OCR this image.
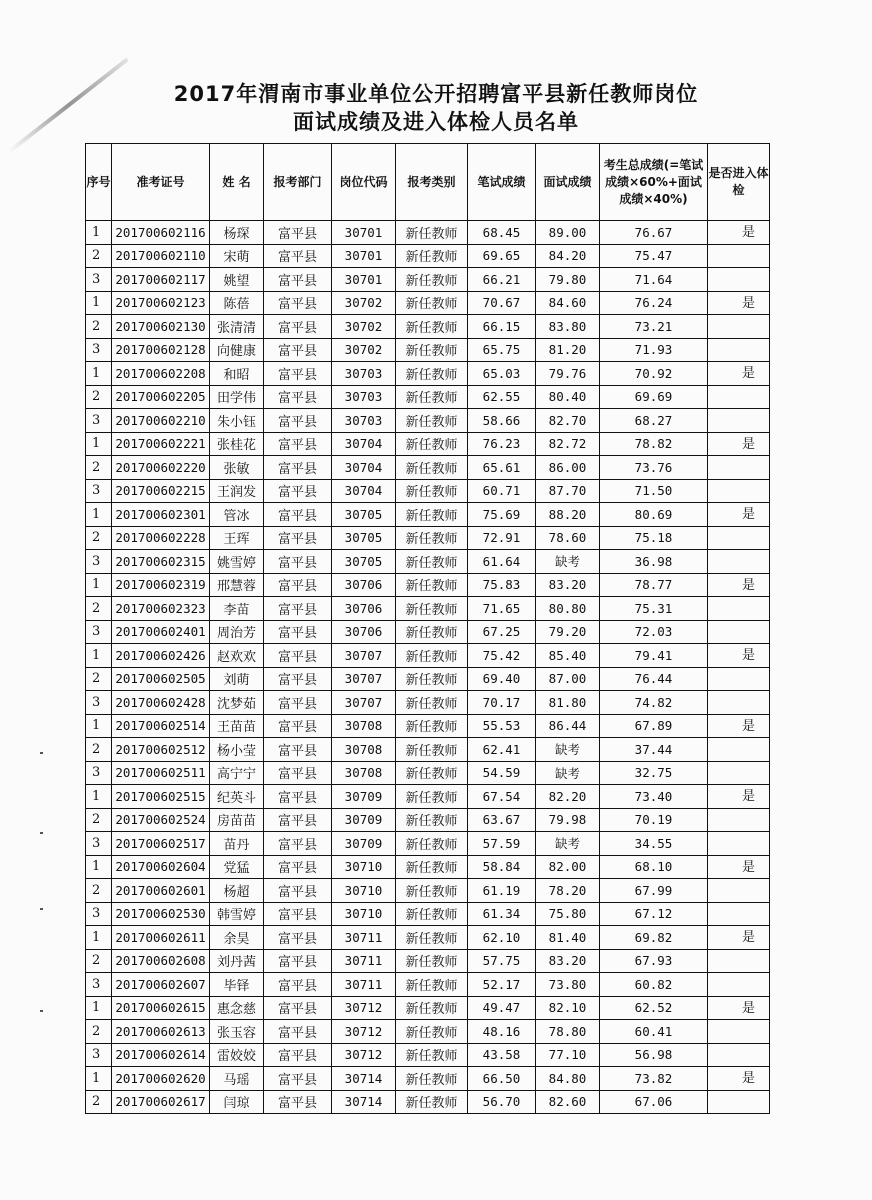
2017年渭南市事业单位公开招聘富平县新任教师岗位
面试成绩及进入体检人员名单
序号	准考证号	姓 名	报考部门	岗位代码	报考类别	笔试成绩	面试成绩	考生总成绩(=笔试成绩×60%+面试成绩×40%)	是否进入体检
1	201700602116	杨琛	富平县	30701	新任教师	68.45	89.00	76.67	是
2	201700602110	宋萌	富平县	30701	新任教师	69.65	84.20	75.47	
3	201700602117	姚望	富平县	30701	新任教师	66.21	79.80	71.64	
1	201700602123	陈蓓	富平县	30702	新任教师	70.67	84.60	76.24	是
2	201700602130	张清清	富平县	30702	新任教师	66.15	83.80	73.21	
3	201700602128	向健康	富平县	30702	新任教师	65.75	81.20	71.93	
1	201700602208	和昭	富平县	30703	新任教师	65.03	79.76	70.92	是
2	201700602205	田学伟	富平县	30703	新任教师	62.55	80.40	69.69	
3	201700602210	朱小钰	富平县	30703	新任教师	58.66	82.70	68.27	
1	201700602221	张桂花	富平县	30704	新任教师	76.23	82.72	78.82	是
2	201700602220	张敏	富平县	30704	新任教师	65.61	86.00	73.76	
3	201700602215	王润发	富平县	30704	新任教师	60.71	87.70	71.50	
1	201700602301	管冰	富平县	30705	新任教师	75.69	88.20	80.69	是
2	201700602228	王珲	富平县	30705	新任教师	72.91	78.60	75.18	
3	201700602315	姚雪婷	富平县	30705	新任教师	61.64	缺考	36.98	
1	201700602319	邢慧蓉	富平县	30706	新任教师	75.83	83.20	78.77	是
2	201700602323	李苗	富平县	30706	新任教师	71.65	80.80	75.31	
3	201700602401	周治芳	富平县	30706	新任教师	67.25	79.20	72.03	
1	201700602426	赵欢欢	富平县	30707	新任教师	75.42	85.40	79.41	是
2	201700602505	刘萌	富平县	30707	新任教师	69.40	87.00	76.44	
3	201700602428	沈梦茹	富平县	30707	新任教师	70.17	81.80	74.82	
1	201700602514	王苗苗	富平县	30708	新任教师	55.53	86.44	67.89	是
2	201700602512	杨小莹	富平县	30708	新任教师	62.41	缺考	37.44	
3	201700602511	高宁宁	富平县	30708	新任教师	54.59	缺考	32.75	
1	201700602515	纪英斗	富平县	30709	新任教师	67.54	82.20	73.40	是
2	201700602524	房苗苗	富平县	30709	新任教师	63.67	79.98	70.19	
3	201700602517	苗丹	富平县	30709	新任教师	57.59	缺考	34.55	
1	201700602604	党猛	富平县	30710	新任教师	58.84	82.00	68.10	是
2	201700602601	杨超	富平县	30710	新任教师	61.19	78.20	67.99	
3	201700602530	韩雪婷	富平县	30710	新任教师	61.34	75.80	67.12	
1	201700602611	余昊	富平县	30711	新任教师	62.10	81.40	69.82	是
2	201700602608	刘丹茜	富平县	30711	新任教师	57.75	83.20	67.93	
3	201700602607	毕铎	富平县	30711	新任教师	52.17	73.80	60.82	
1	201700602615	惠念慈	富平县	30712	新任教师	49.47	82.10	62.52	是
2	201700602613	张玉容	富平县	30712	新任教师	48.16	78.80	60.41	
3	201700602614	雷姣姣	富平县	30712	新任教师	43.58	77.10	56.98	
1	201700602620	马瑶	富平县	30714	新任教师	66.50	84.80	73.82	是
2	201700602617	闫琼	富平县	30714	新任教师	56.70	82.60	67.06	
